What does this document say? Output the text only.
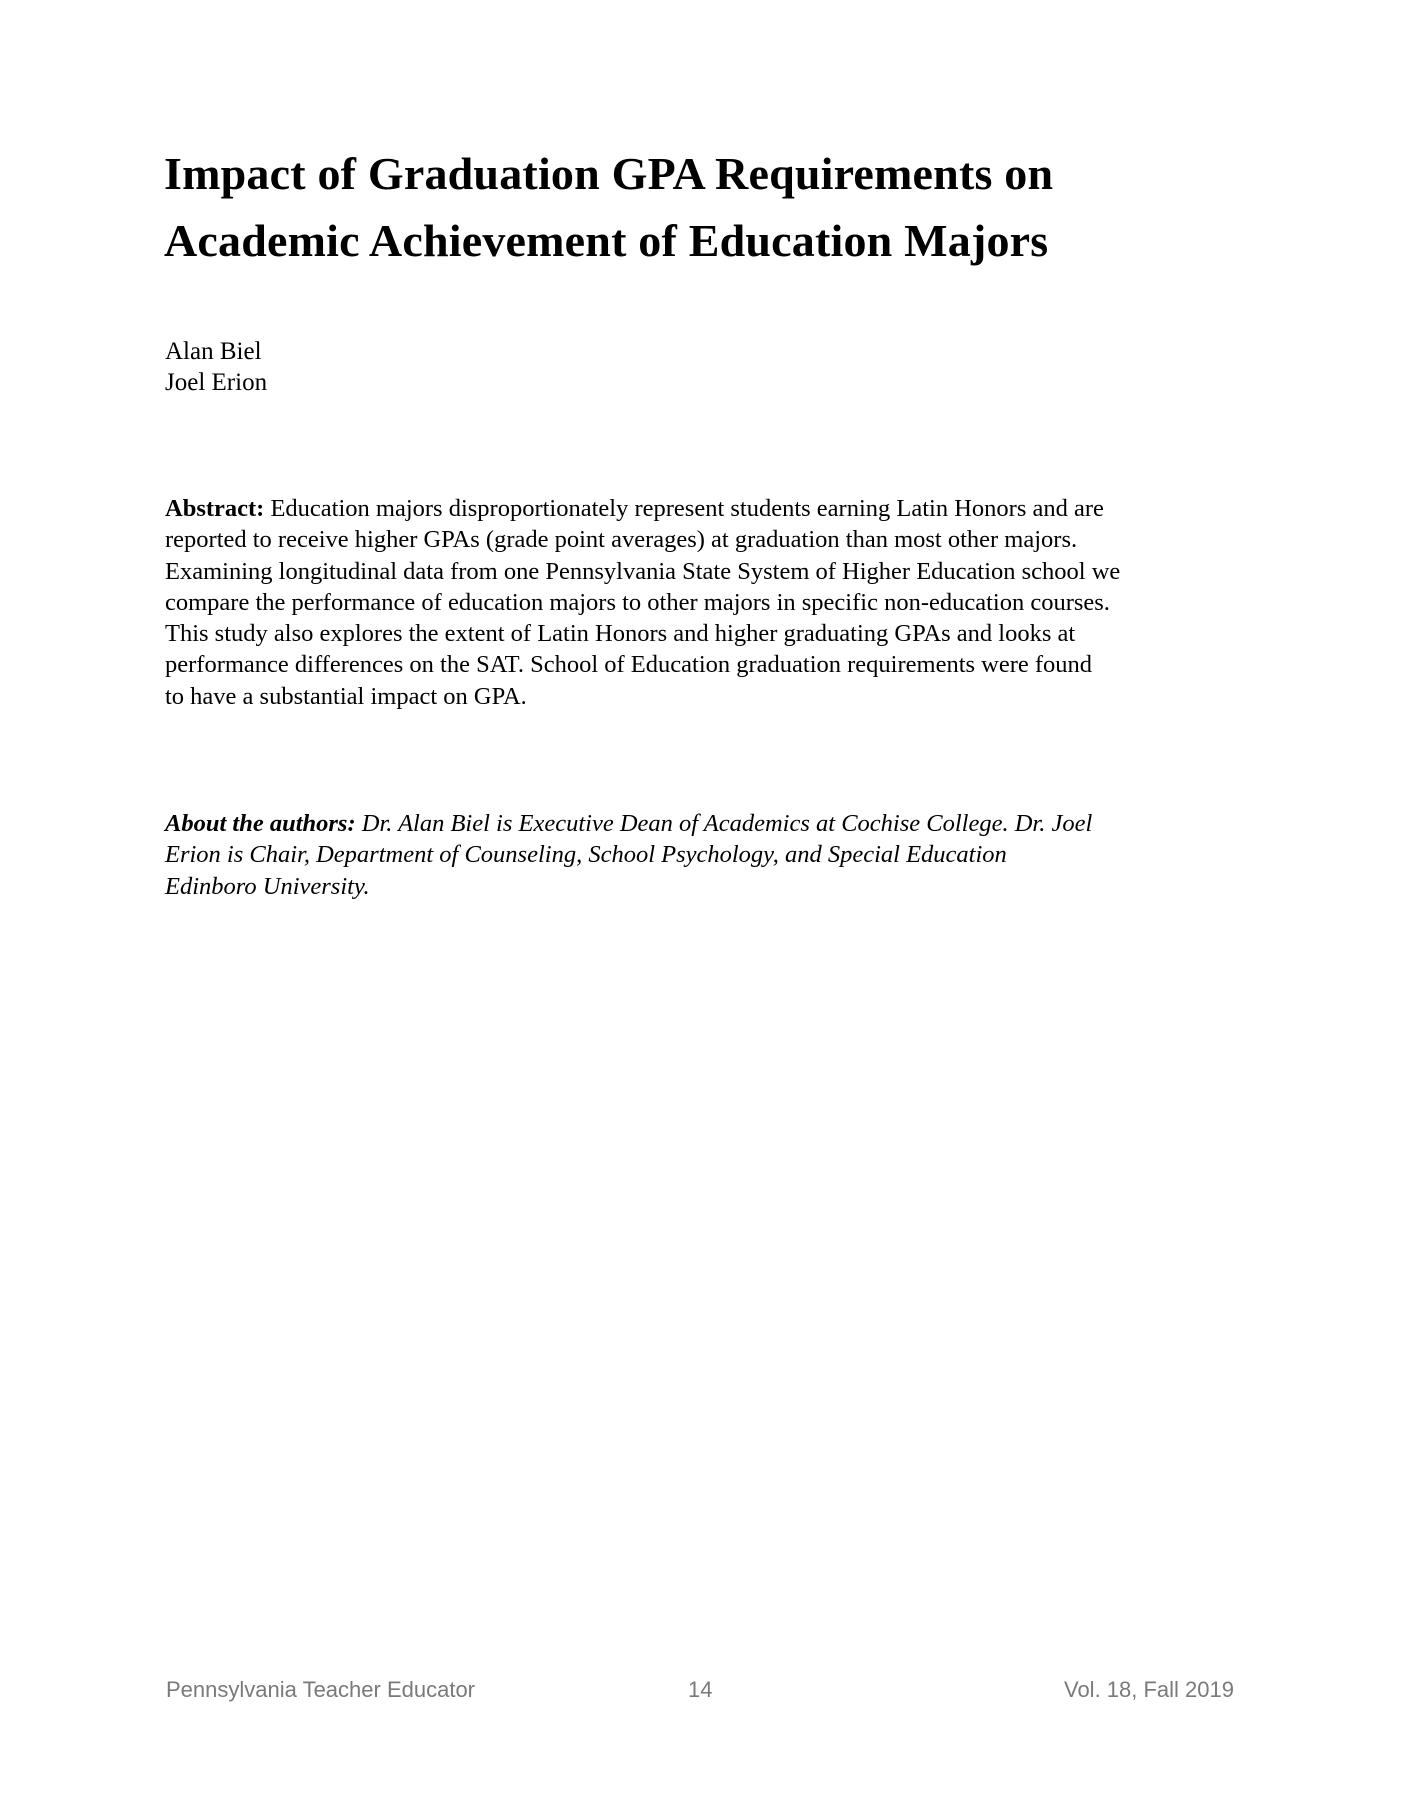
Impact of Graduation GPA Requirements on
Academic Achievement of Education Majors
Alan Biel
Joel Erion
Abstract: Education majors disproportionately represent students earning Latin Honors and are
reported to receive higher GPAs (grade point averages) at graduation than most other majors.
Examining longitudinal data from one Pennsylvania State System of Higher Education school we
compare the performance of education majors to other majors in specific non-education courses.
This study also explores the extent of Latin Honors and higher graduating GPAs and looks at
performance differences on the SAT. School of Education graduation requirements were found
to have a substantial impact on GPA.
About the authors: Dr. Alan Biel is Executive Dean of Academics at Cochise College. Dr. Joel
Erion is Chair, Department of Counseling, School Psychology, and Special Education
Edinboro University.
Pennsylvania Teacher Educator	14	Vol. 18, Fall 2019
